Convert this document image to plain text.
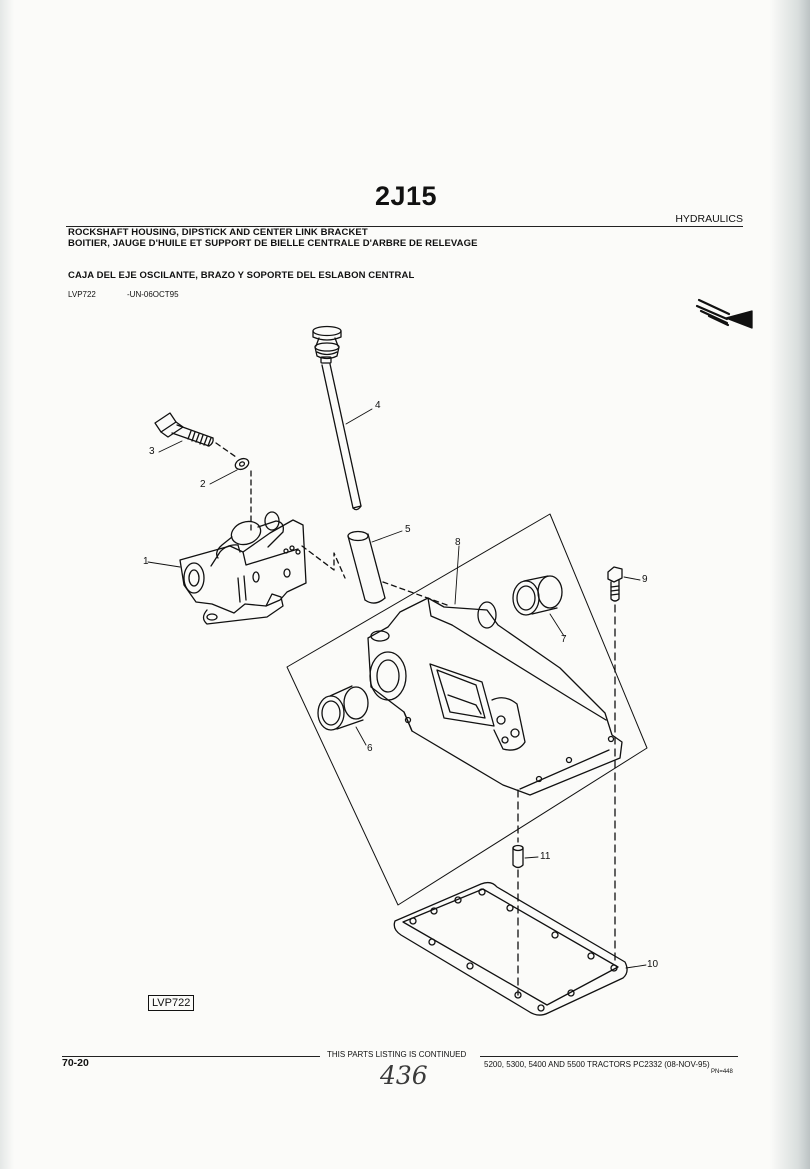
2J15
HYDRAULICS
ROCKSHAFT HOUSING, DIPSTICK AND CENTER LINK BRACKET
BOITIER, JAUGE D'HUILE ET SUPPORT DE BIELLE CENTRALE D'ARBRE DE RELEVAGE
CAJA DEL EJE OSCILANTE, BRAZO Y SOPORTE DEL ESLABON CENTRAL
LVP722	-UN-06OCT95
1
2
3
4
5
6
7
8
9
10
11
LVP722
70-20
THIS PARTS LISTING IS CONTINUED
5200, 5300, 5400 AND 5500 TRACTORS PC2332 (08-NOV-95)
PN=448
436
